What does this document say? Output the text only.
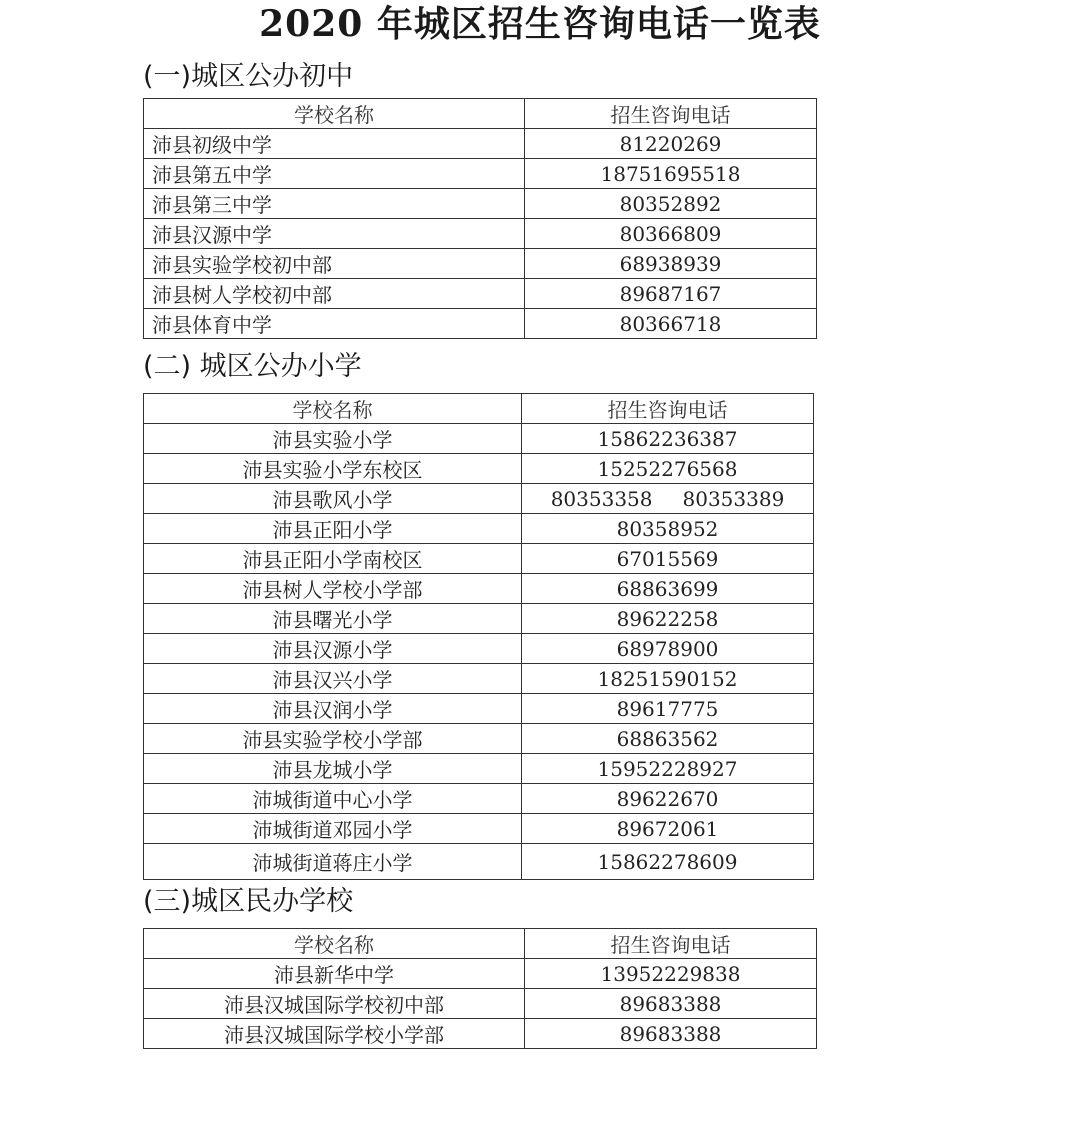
2020 年城区招生咨询电话一览表
(一)城区公办初中
学校名称	招生咨询电话
沛县初级中学	81220269
沛县第五中学	18751695518
沛县第三中学	80352892
沛县汉源中学	80366809
沛县实验学校初中部	68938939
沛县树人学校初中部	89687167
沛县体育中学	80366718
(二) 城区公办小学
学校名称	招生咨询电话
沛县实验小学	15862236387
沛县实验小学东校区	15252276568
沛县歌风小学	80353358 80353389
沛县正阳小学	80358952
沛县正阳小学南校区	67015569
沛县树人学校小学部	68863699
沛县曙光小学	89622258
沛县汉源小学	68978900
沛县汉兴小学	18251590152
沛县汉润小学	89617775
沛县实验学校小学部	68863562
沛县龙城小学	15952228927
沛城街道中心小学	89622670
沛城街道邓园小学	89672061
沛城街道蒋庄小学	15862278609
(三)城区民办学校
学校名称	招生咨询电话
沛县新华中学	13952229838
沛县汉城国际学校初中部	89683388
沛县汉城国际学校小学部	89683388
